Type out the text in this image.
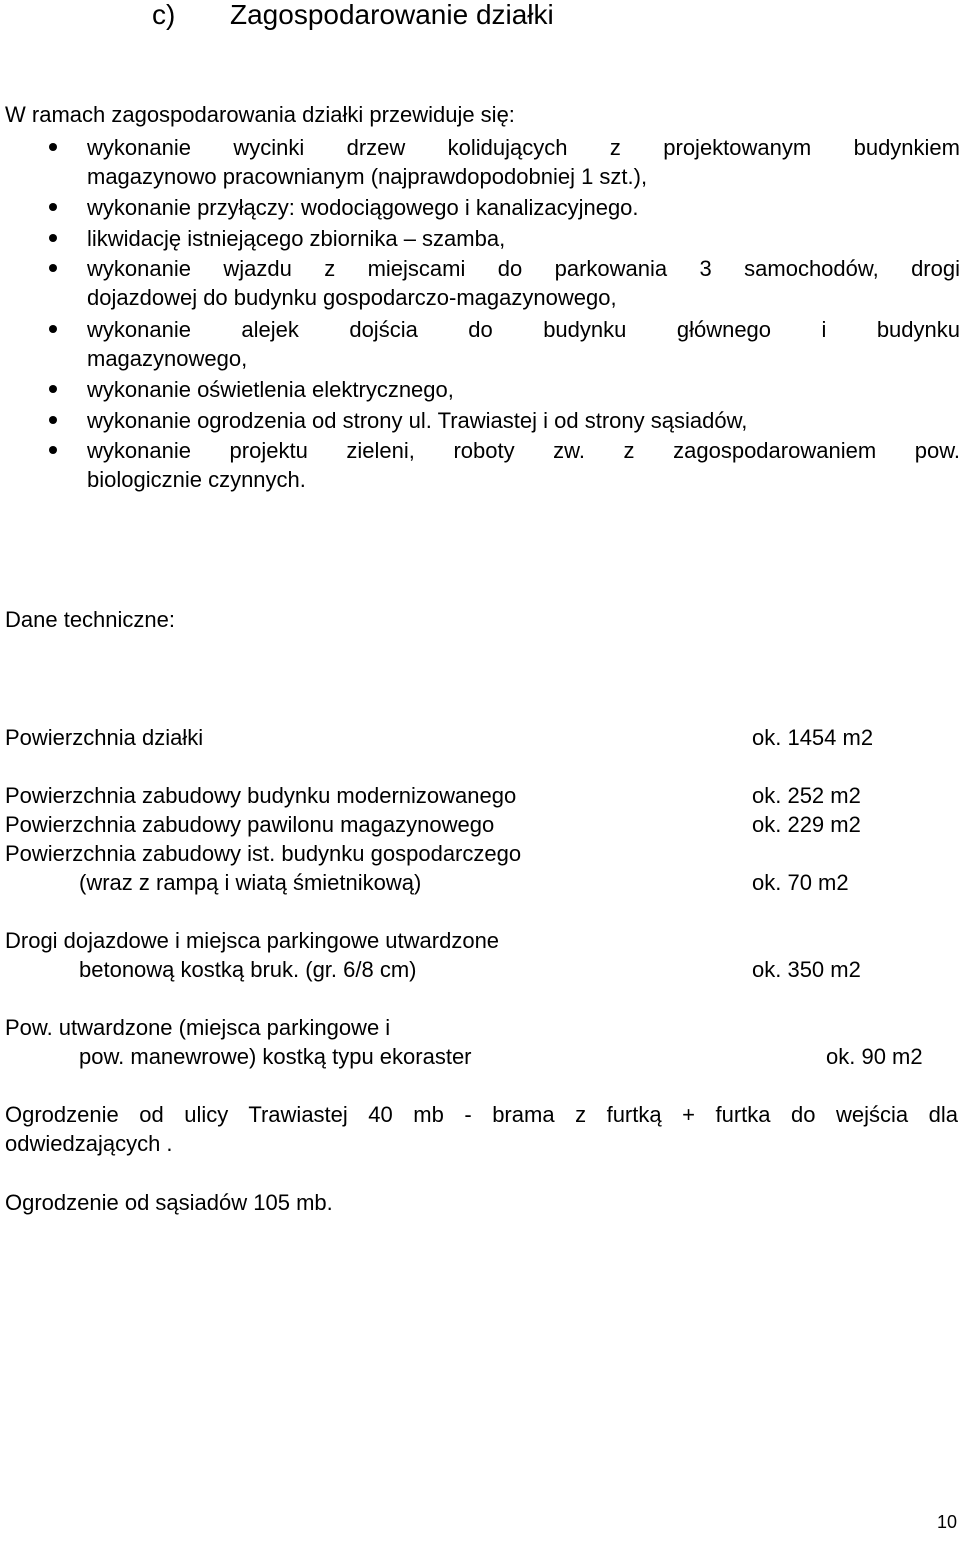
c) Zagospodarowanie działki

W ramach zagospodarowania działki przewiduje się:

wykonanie wycinki drzew kolidujących z projektowanym budynkiem

magazynowo pracownianym (najprawdopodobniej 1 szt.),

wykonanie przyłączy: wodociągowego i kanalizacyjnego.

likwidację istniejącego zbiornika – szamba,

wykonanie wjazdu z miejscami do parkowania 3 samochodów, drogi

dojazdowej do budynku gospodarczo-magazynowego,

wykonanie alejek dojścia do budynku głównego i budynku

magazynowego,

wykonanie oświetlenia elektrycznego,

wykonanie ogrodzenia od strony ul. Trawiastej i od strony sąsiadów,

wykonanie projektu zieleni, roboty zw. z zagospodarowaniem pow.

biologicznie czynnych.

Dane techniczne:

Powierzchnia działki	ok. 1454 m2

Powierzchnia zabudowy budynku modernizowanego	ok. 252 m2

Powierzchnia zabudowy pawilonu magazynowego	ok. 229 m2

Powierzchnia zabudowy ist. budynku gospodarczego

(wraz z rampą i wiatą śmietnikową)	ok. 70 m2

Drogi dojazdowe i miejsca parkingowe utwardzone

betonową kostką bruk. (gr. 6/8 cm)	ok. 350 m2

Pow. utwardzone (miejsca parkingowe i

pow. manewrowe) kostką typu ekoraster	ok. 90 m2

Ogrodzenie od ulicy Trawiastej 40 mb - brama z furtką + furtka do wejścia dla

odwiedzających .

Ogrodzenie od sąsiadów 105 mb.

10
